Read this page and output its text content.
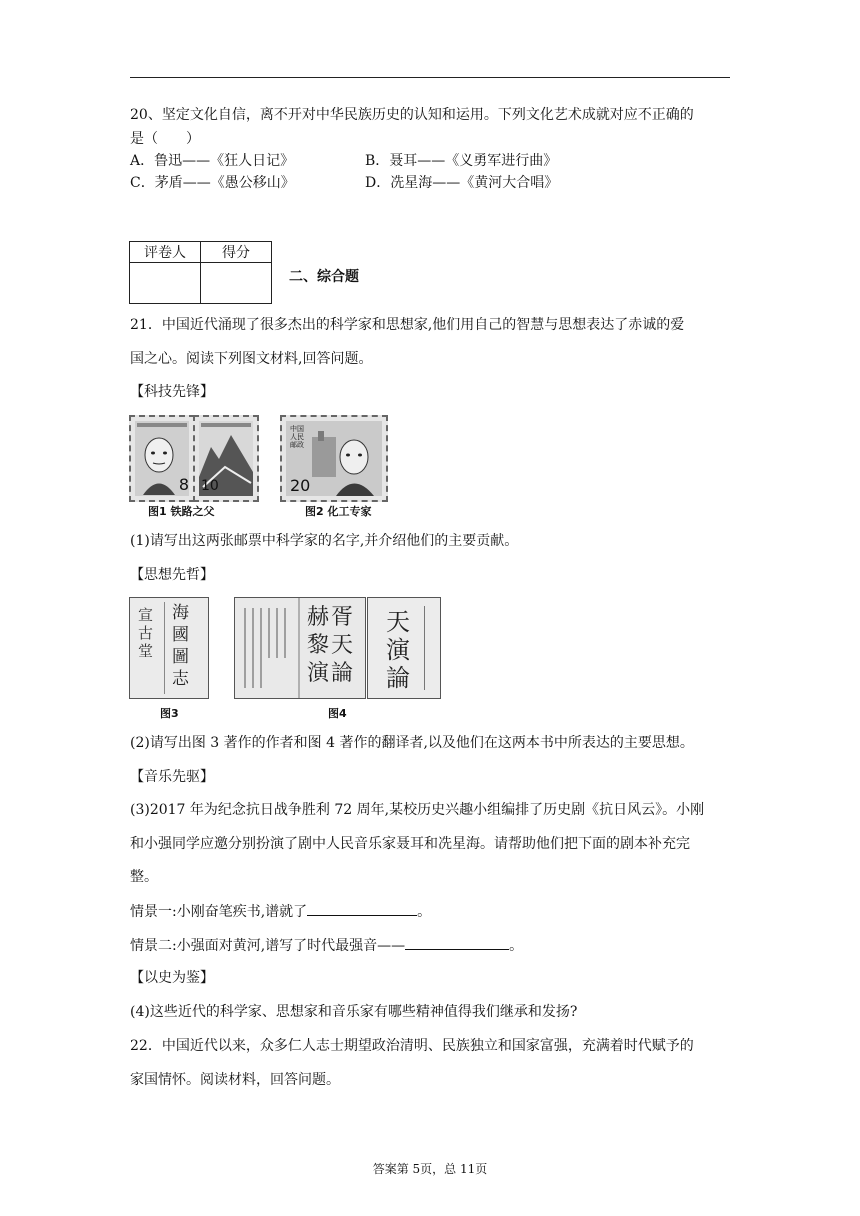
20、坚定文化自信，离不开对中华民族历史的认知和运用。下列文化艺术成就对应不正确的
是（　　）
A．鲁迅——《狂人日记》	B．聂耳——《义勇军进行曲》
C．茅盾——《愚公移山》	D．冼星海——《黄河大合唱》
评卷人	得分

二、综合题
21．中国近代涌现了很多杰出的科学家和思想家,他们用自己的智慧与思想表达了赤诚的爱
国之心。阅读下列图文材料,回答问题。
【科技先锋】
8 10
图1 铁路之父
中国人民邮政
20
图2 化工专家
(1)请写出这两张邮票中科学家的名字,并介绍他们的主要贡献。
【思想先哲】
宣古堂
海國圖志
图3
赫胥黎天演論
天演論
图4
(2)请写出图 3 著作的作者和图 4 著作的翻译者,以及他们在这两本书中所表达的主要思想。
【音乐先驱】
(3)2017 年为纪念抗日战争胜利 72 周年,某校历史兴趣小组编排了历史剧《抗日风云》。小刚
和小强同学应邀分别扮演了剧中人民音乐家聂耳和冼星海。请帮助他们把下面的剧本补充完
整。
情景一:小刚奋笔疾书,谱就了	。
情景二:小强面对黄河,谱写了时代最强音——	。
【以史为鉴】
(4)这些近代的科学家、思想家和音乐家有哪些精神值得我们继承和发扬?
22．中国近代以来，众多仁人志士期望政治清明、民族独立和国家富强，充满着时代赋予的
家国情怀。阅读材料，回答问题。
答案第 5页，总 11页
